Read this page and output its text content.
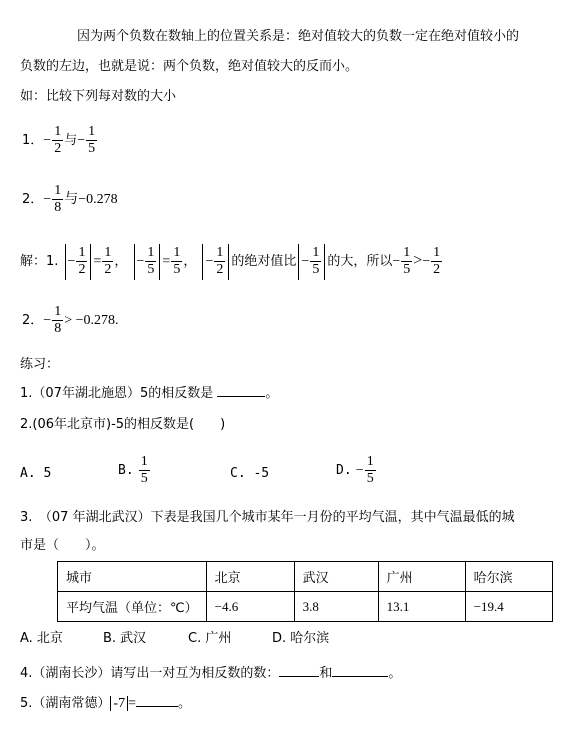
因为两个负数在数轴上的位置关系是：绝对值较大的负数一定在绝对值较小的
负数的左边，也就是说：两个负数，绝对值较大的反而小。
如：比较下列每对数的大小
1．− $\frac{1}{2}$ 与− $\frac{1}{5}$
2．− $\frac{1}{8}$ 与−0.278
解：1. − $\frac{1}{2} = \frac{1}{2}$ ， − $\frac{1}{5} = \frac{1}{5}$ ， − $\frac{1}{2}$ 的绝对值比 − $\frac{1}{5}$ 的大，所以− $\frac{1}{5} >- \frac{1}{2}$
2．− $\frac{1}{8} > -0.278$.
练习：
1.（07年湖北施恩）5的相反数是	。
2.(06年北京市)-5的相反数是(　　)
A. 5	B. $\frac{1}{5}$	C. -5	D. − $\frac{1}{5}$
3.　（07 年湖北武汉）下表是我国几个城市某年一月份的平均气温，其中气温最低的城
市是（　　）。
城市	北京	武汉	广州	哈尔滨
平均气温（单位：℃）	−4.6	3.8	13.1	−19.4
A. 北京	B. 武汉	C. 广州	D. 哈尔滨
4.（湖南长沙）请写出一对互为相反数的数：	和	。
5.（湖南常德） -7 =	。
